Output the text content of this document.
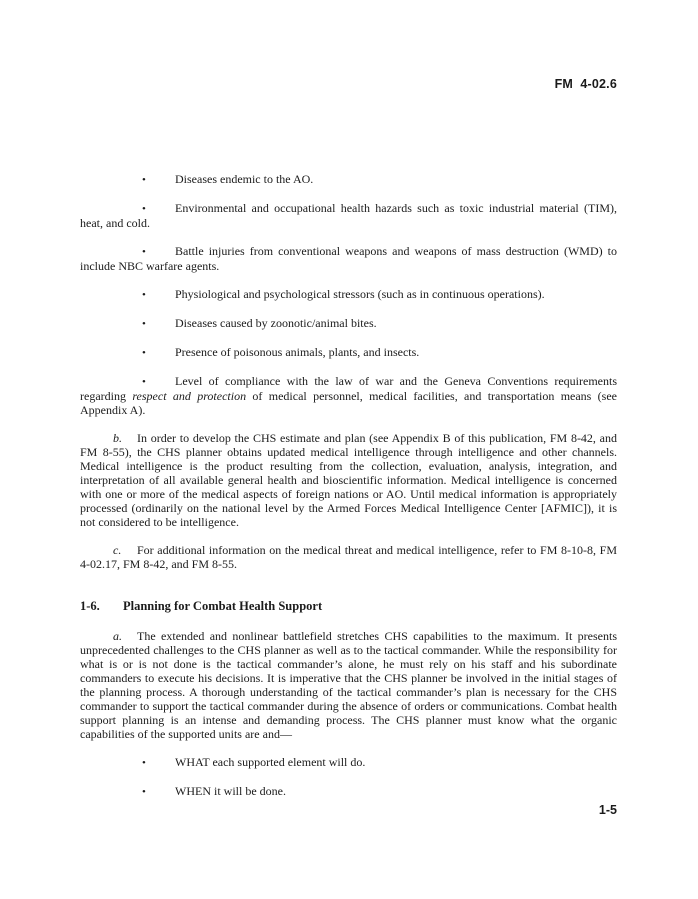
FM  4-02.6

• Diseases endemic to the AO.

• Environmental and occupational health hazards such as toxic industrial material (TIM), heat, and cold.

• Battle injuries from conventional weapons and weapons of mass destruction (WMD) to include NBC warfare agents.

• Physiological and psychological stressors (such as in continuous operations).

• Diseases caused by zoonotic/animal bites.

• Presence of poisonous animals, plants, and insects.

• Level of compliance with the law of war and the Geneva Conventions requirements regarding respect and protection of medical personnel, medical facilities, and transportation means (see Appendix A).

b. In order to develop the CHS estimate and plan (see Appendix B of this publication, FM 8-42, and FM 8-55), the CHS planner obtains updated medical intelligence through intelligence and other channels. Medical intelligence is the product resulting from the collection, evaluation, analysis, integration, and interpretation of all available general health and bioscientific information. Medical intelligence is concerned with one or more of the medical aspects of foreign nations or AO. Until medical information is appropriately processed (ordinarily on the national level by the Armed Forces Medical Intelligence Center [AFMIC]), it is not considered to be intelligence.

c. For additional information on the medical threat and medical intelligence, refer to FM 8-10-8, FM 4-02.17, FM 8-42, and FM 8-55.

1-6. Planning for Combat Health Support

a. The extended and nonlinear battlefield stretches CHS capabilities to the maximum. It presents unprecedented challenges to the CHS planner as well as to the tactical commander. While the responsibility for what is or is not done is the tactical commander’s alone, he must rely on his staff and his subordinate commanders to execute his decisions. It is imperative that the CHS planner be involved in the initial stages of the planning process. A thorough understanding of the tactical commander’s plan is necessary for the CHS commander to support the tactical commander during the absence of orders or communications. Combat health support planning is an intense and demanding process. The CHS planner must know what the organic capabilities of the supported units are and—

• WHAT each supported element will do.

• WHEN it will be done.

1-5
